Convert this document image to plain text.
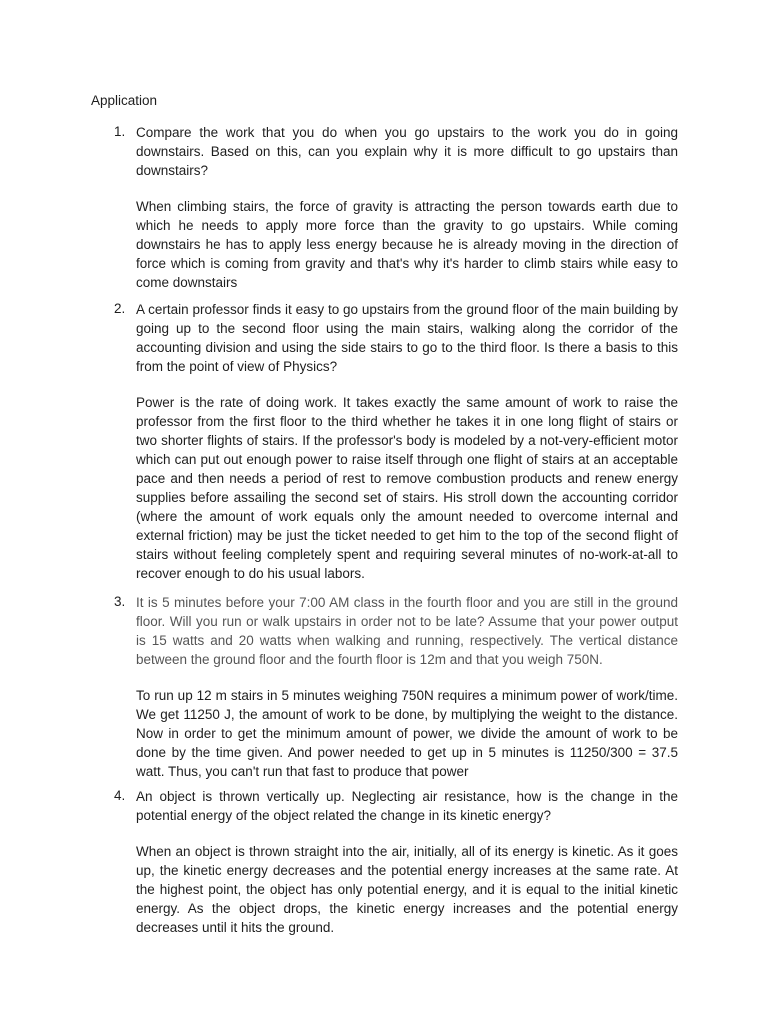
Application
1. Compare the work that you do when you go upstairs to the work you do in going downstairs. Based on this, can you explain why it is more difficult to go upstairs than downstairs?

When climbing stairs, the force of gravity is attracting the person towards earth due to which he needs to apply more force than the gravity to go upstairs. While coming downstairs he has to apply less energy because he is already moving in the direction of force which is coming from gravity and that's why it's harder to climb stairs while easy to come downstairs

2. A certain professor finds it easy to go upstairs from the ground floor of the main building by going up to the second floor using the main stairs, walking along the corridor of the accounting division and using the side stairs to go to the third floor. Is there a basis to this from the point of view of Physics?

Power is the rate of doing work. It takes exactly the same amount of work to raise the professor from the first floor to the third whether he takes it in one long flight of stairs or two shorter flights of stairs. If the professor's body is modeled by a not-very-efficient motor which can put out enough power to raise itself through one flight of stairs at an acceptable pace and then needs a period of rest to remove combustion products and renew energy supplies before assailing the second set of stairs. His stroll down the accounting corridor (where the amount of work equals only the amount needed to overcome internal and external friction) may be just the ticket needed to get him to the top of the second flight of stairs without feeling completely spent and requiring several minutes of no-work-at-all to recover enough to do his usual labors.

3. It is 5 minutes before your 7:00 AM class in the fourth floor and you are still in the ground floor. Will you run or walk upstairs in order not to be late? Assume that your power output is 15 watts and 20 watts when walking and running, respectively. The vertical distance between the ground floor and the fourth floor is 12m and that you weigh 750N.

To run up 12 m stairs in 5 minutes weighing 750N requires a minimum power of work/time. We get 11250 J, the amount of work to be done, by multiplying the weight to the distance. Now in order to get the minimum amount of power, we divide the amount of work to be done by the time given. And power needed to get up in 5 minutes is 11250/300 = 37.5 watt. Thus, you can't run that fast to produce that power

4. An object is thrown vertically up. Neglecting air resistance, how is the change in the potential energy of the object related the change in its kinetic energy?

When an object is thrown straight into the air, initially, all of its energy is kinetic. As it goes up, the kinetic energy decreases and the potential energy increases at the same rate. At the highest point, the object has only potential energy, and it is equal to the initial kinetic energy. As the object drops, the kinetic energy increases and the potential energy decreases until it hits the ground.
